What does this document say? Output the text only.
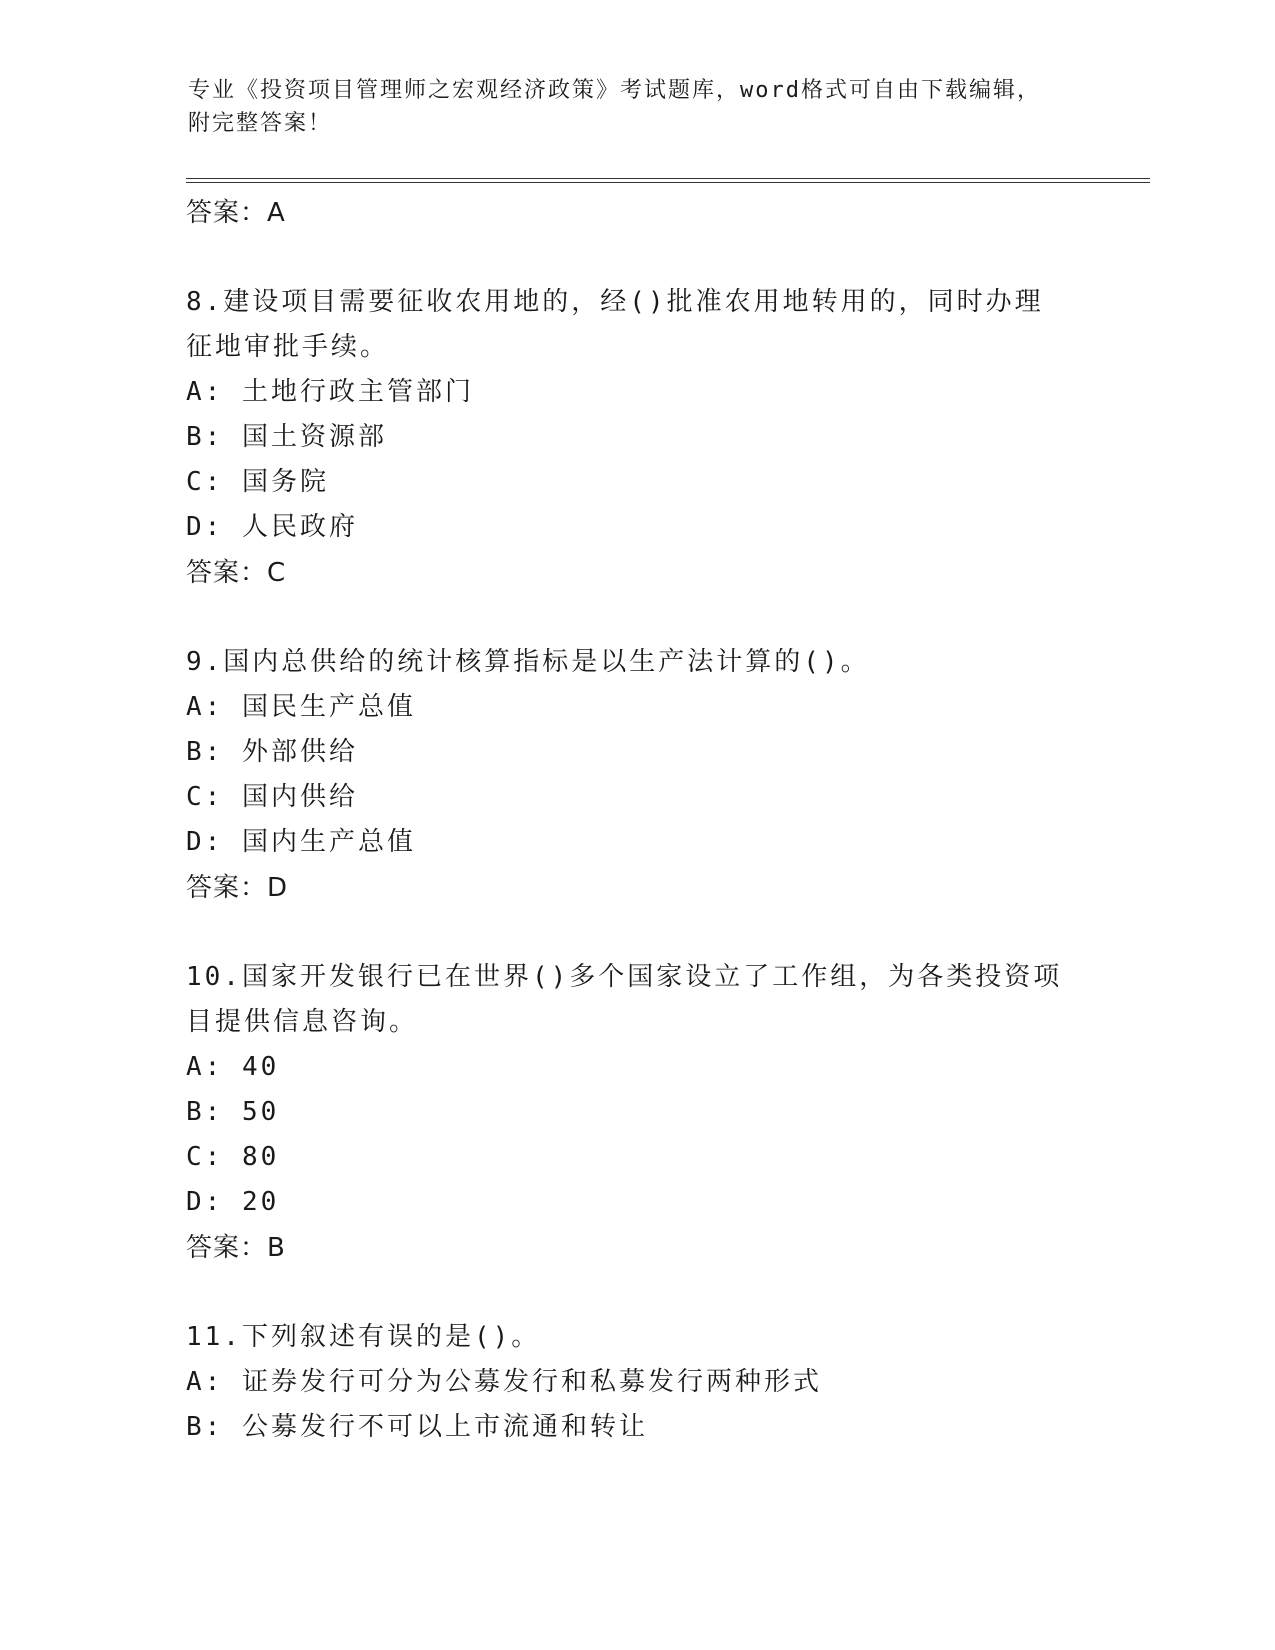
专业《投资项目管理师之宏观经济政策》考试题库，word格式可自由下载编辑，
附完整答案！
答案：A
8.建设项目需要征收农用地的，经()批准农用地转用的，同时办理征地审批手续。
A: 土地行政主管部门
B: 国土资源部
C: 国务院
D: 人民政府
答案：C
9.国内总供给的统计核算指标是以生产法计算的()。
A: 国民生产总值
B: 外部供给
C: 国内供给
D: 国内生产总值
答案：D
10.国家开发银行已在世界()多个国家设立了工作组，为各类投资项目提供信息咨询。
A: 40
B: 50
C: 80
D: 20
答案：B
11.下列叙述有误的是()。
A: 证券发行可分为公募发行和私募发行两种形式
B: 公募发行不可以上市流通和转让
